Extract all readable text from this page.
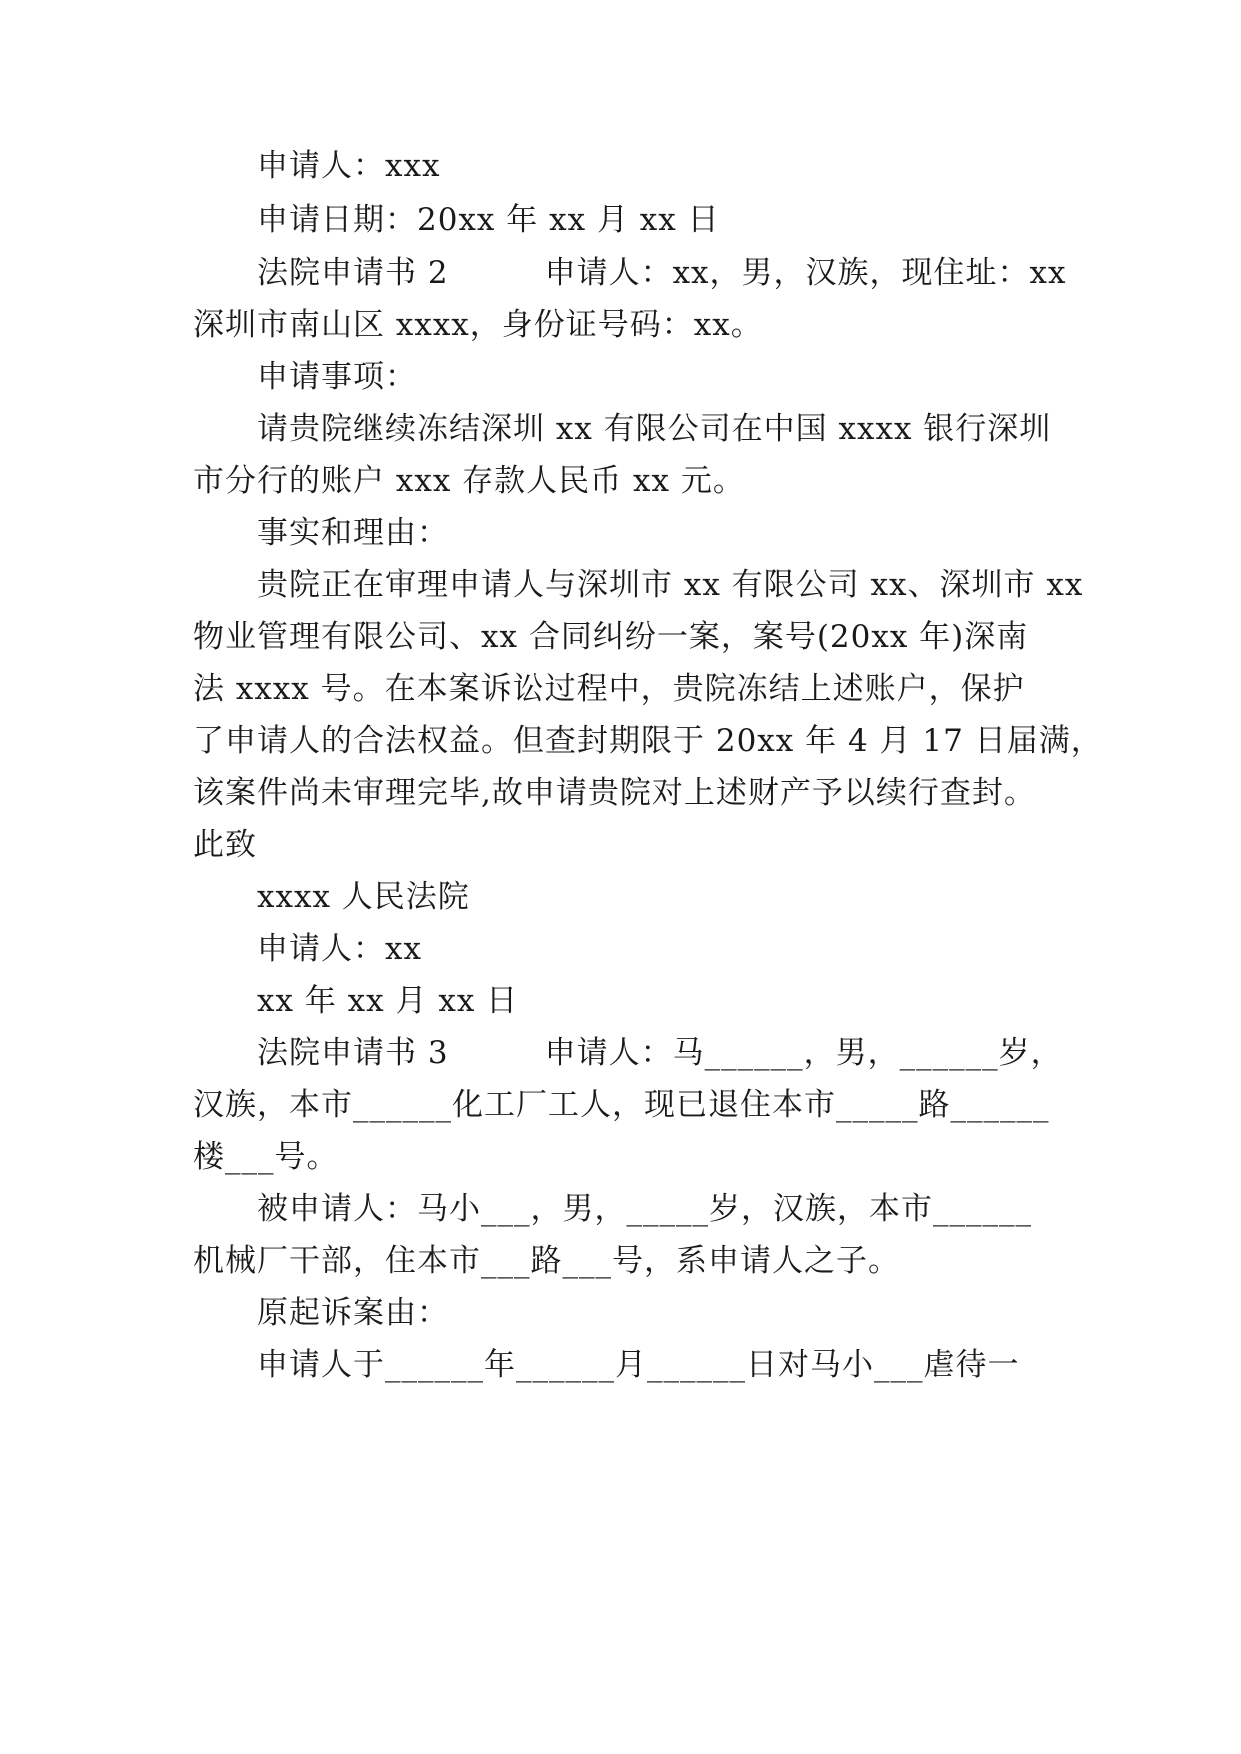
申请人：xxx
申请日期：20xx 年 xx 月 xx 日
法院申请书 2　　　申请人：xx，男，汉族，现住址：xx
深圳市南山区 xxxx，身份证号码：xx。
申请事项：
请贵院继续冻结深圳 xx 有限公司在中国 xxxx 银行深圳
市分行的账户 xxx 存款人民币 xx 元。
事实和理由：
贵院正在审理申请人与深圳市 xx 有限公司 xx、深圳市 xx
物业管理有限公司、xx 合同纠纷一案，案号(20xx 年)深南
法 xxxx 号。在本案诉讼过程中，贵院冻结上述账户，保护
了申请人的合法权益。但查封期限于 20xx 年 4 月 17 日届满，
该案件尚未审理完毕,故申请贵院对上述财产予以续行查封。
此致
xxxx 人民法院
申请人：xx
xx 年 xx 月 xx 日
法院申请书 3　　　申请人：马______，男，______岁，
汉族，本市______化工厂工人，现已退住本市_____路______
楼___号。
被申请人：马小___，男，_____岁，汉族，本市______
机械厂干部，住本市___路___号，系申请人之子。
原起诉案由：
申请人于______年______月______日对马小___虐待一
